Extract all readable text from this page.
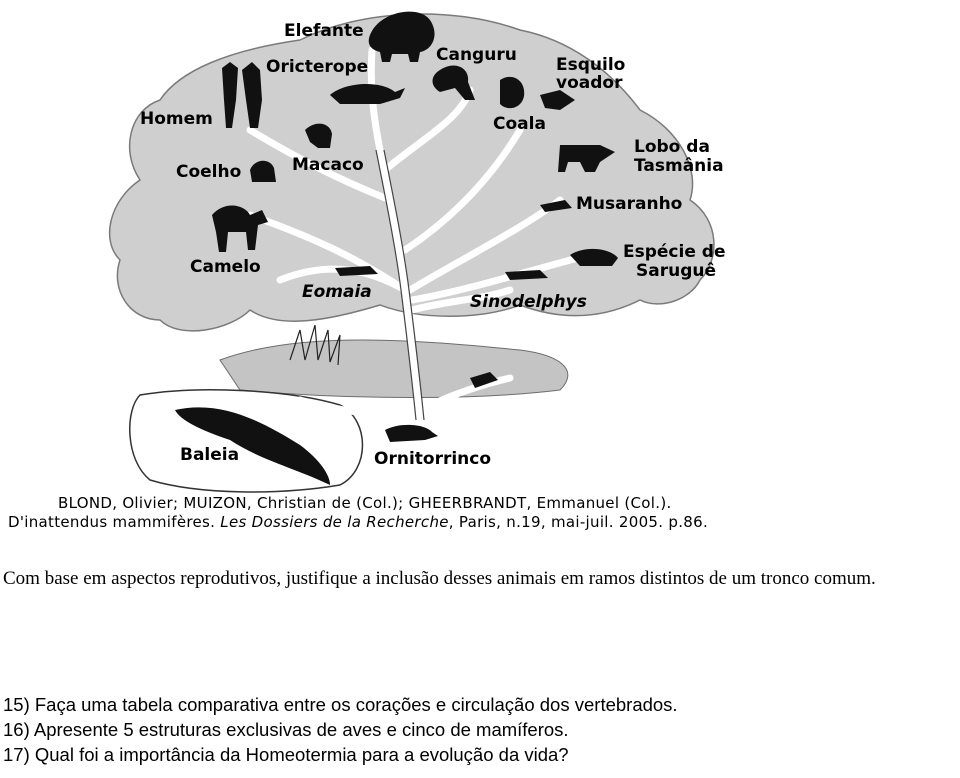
Elefante
Oricterope
Canguru Esquilo
voador
Homem	Coala
Lobo da
Tasmânia
Coelho	Macaco
Musaranho
Espécie de
Saruguê
Camelo
Eomaia	Sinodelphys
Baleia	Ornitorrinco
BLOND, Olivier; MUIZON, Christian de (Col.); GHEERBRANDT, Emmanuel (Col.).
D'inattendus mammifères. Les Dossiers de la Recherche, Paris, n.19, mai-juil. 2005. p.86.

Com base em aspectos reprodutivos, justifique a inclusão desses animais em ramos distintos de um tronco comum.

15) Faça uma tabela comparativa entre os corações e circulação dos vertebrados.
16) Apresente 5 estruturas exclusivas de aves e cinco de mamíferos.
17) Qual foi a importância da Homeotermia para a evolução da vida?
